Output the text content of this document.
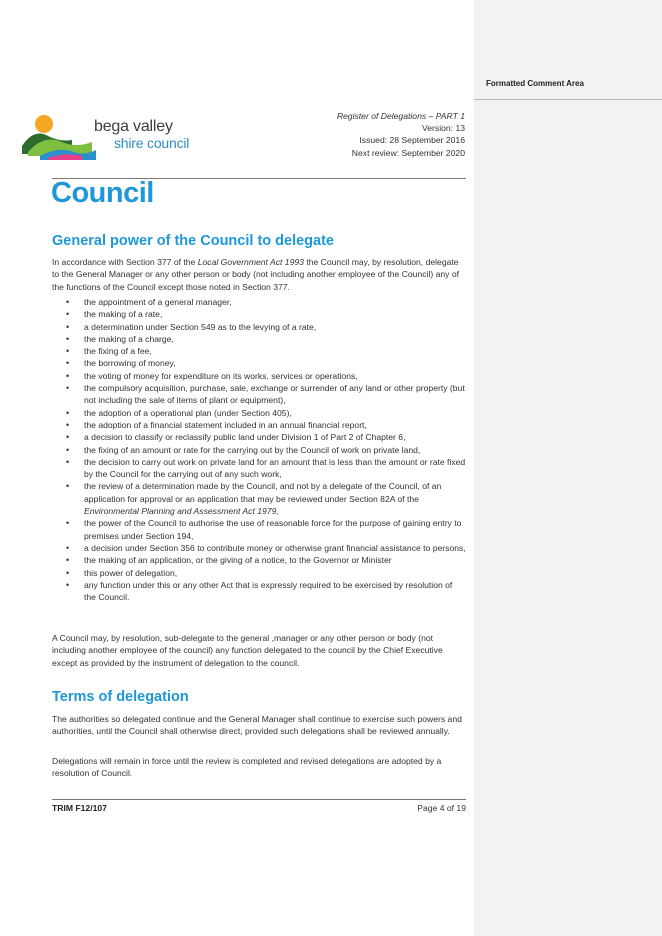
bega valley
shire council
Register of Delegations – PART 1
Version: 13
Issued: 28 September 2016
Next review: September 2020
Council
General power of the Council to delegate
In accordance with Section 377 of the Local Government Act 1993 the Council may, by resolution, delegate to the General Manager or any other person or body (not including another employee of the Council) any of the functions of the Council except those noted in Section 377.
• the appointment of a general manager,
• the making of a rate,
• a determination under Section 549 as to the levying of a rate,
• the making of a charge,
• the fixing of a fee,
• the borrowing of money,
• the voting of money for expenditure on its works, services or operations,
• the compulsory acquisition, purchase, sale, exchange or surrender of any land or other property (but not including the sale of items of plant or equipment),
• the adoption of a operational plan (under Section 405),
• the adoption of a financial statement included in an annual financial report,
• a decision to classify or reclassify public land under Division 1 of Part 2 of Chapter 6,
• the fixing of an amount or rate for the carrying out by the Council of work on private land,
• the decision to carry out work on private land for an amount that is less than the amount or rate fixed by the Council for the carrying out of any such work,
• the review of a determination made by the Council, and not by a delegate of the Council, of an application for approval or an application that may be reviewed under Section 82A of the Environmental Planning and Assessment Act 1979,
• the power of the Council to authorise the use of reasonable force for the purpose of gaining entry to premises under Section 194,
• a decision under Section 356 to contribute money or otherwise grant financial assistance to persons,
• the making of an application, or the giving of a notice, to the Governor or Minister
• this power of delegation,
• any function under this or any other Act that is expressly required to be exercised by resolution of the Council.
A Council may, by resolution, sub-delegate to the general ,manager or any other person or body (not including another employee of the council) any function delegated to the council by the Chief Executive except as provided by the instrument of delegation to the council.
Terms of delegation
The authorities so delegated continue and the General Manager shall continue to exercise such powers and authorities, until the Council shall otherwise direct, provided such delegations shall be reviewed annually.
Delegations will remain in force until the review is completed and revised delegations are adopted by a resolution of Council.
TRIM F12/107	Page 4 of 19
Formatted Comment Area
